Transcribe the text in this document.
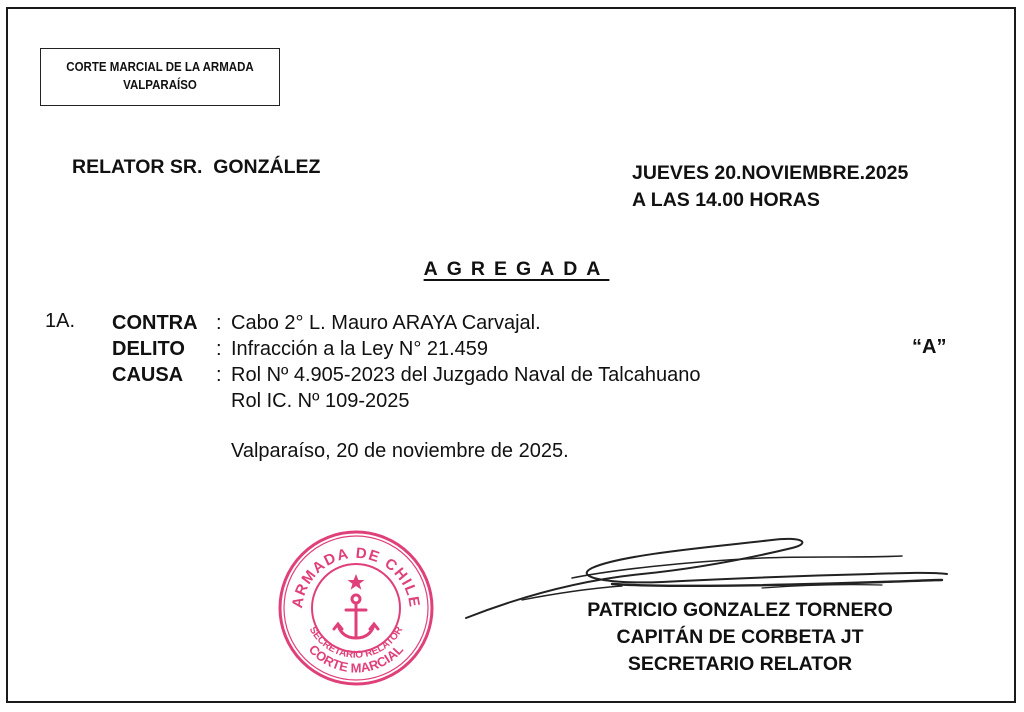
CORTE MARCIAL DE LA ARMADA
VALPARAÍSO
RELATOR SR.  GONZÁLEZ	JUEVES 20.NOVIEMBRE.2025
A LAS 14.00 HORAS
AGREGADA
1A. CONTRA
DELITO
CAUSA
:
:
:
Cabo 2° L. Mauro ARAYA Carvajal.
Infracción a la Ley N° 21.459
Rol Nº 4.905-2023 del Juzgado Naval de Talcahuano
Rol IC. Nº 109-2025
“A”
Valparaíso, 20 de noviembre de 2025.
ARMADA DE CHILE
SECRETARIO RELATOR
CORTE MARCIAL
PATRICIO GONZALEZ TORNERO
CAPITÁN DE CORBETA JT
SECRETARIO RELATOR
